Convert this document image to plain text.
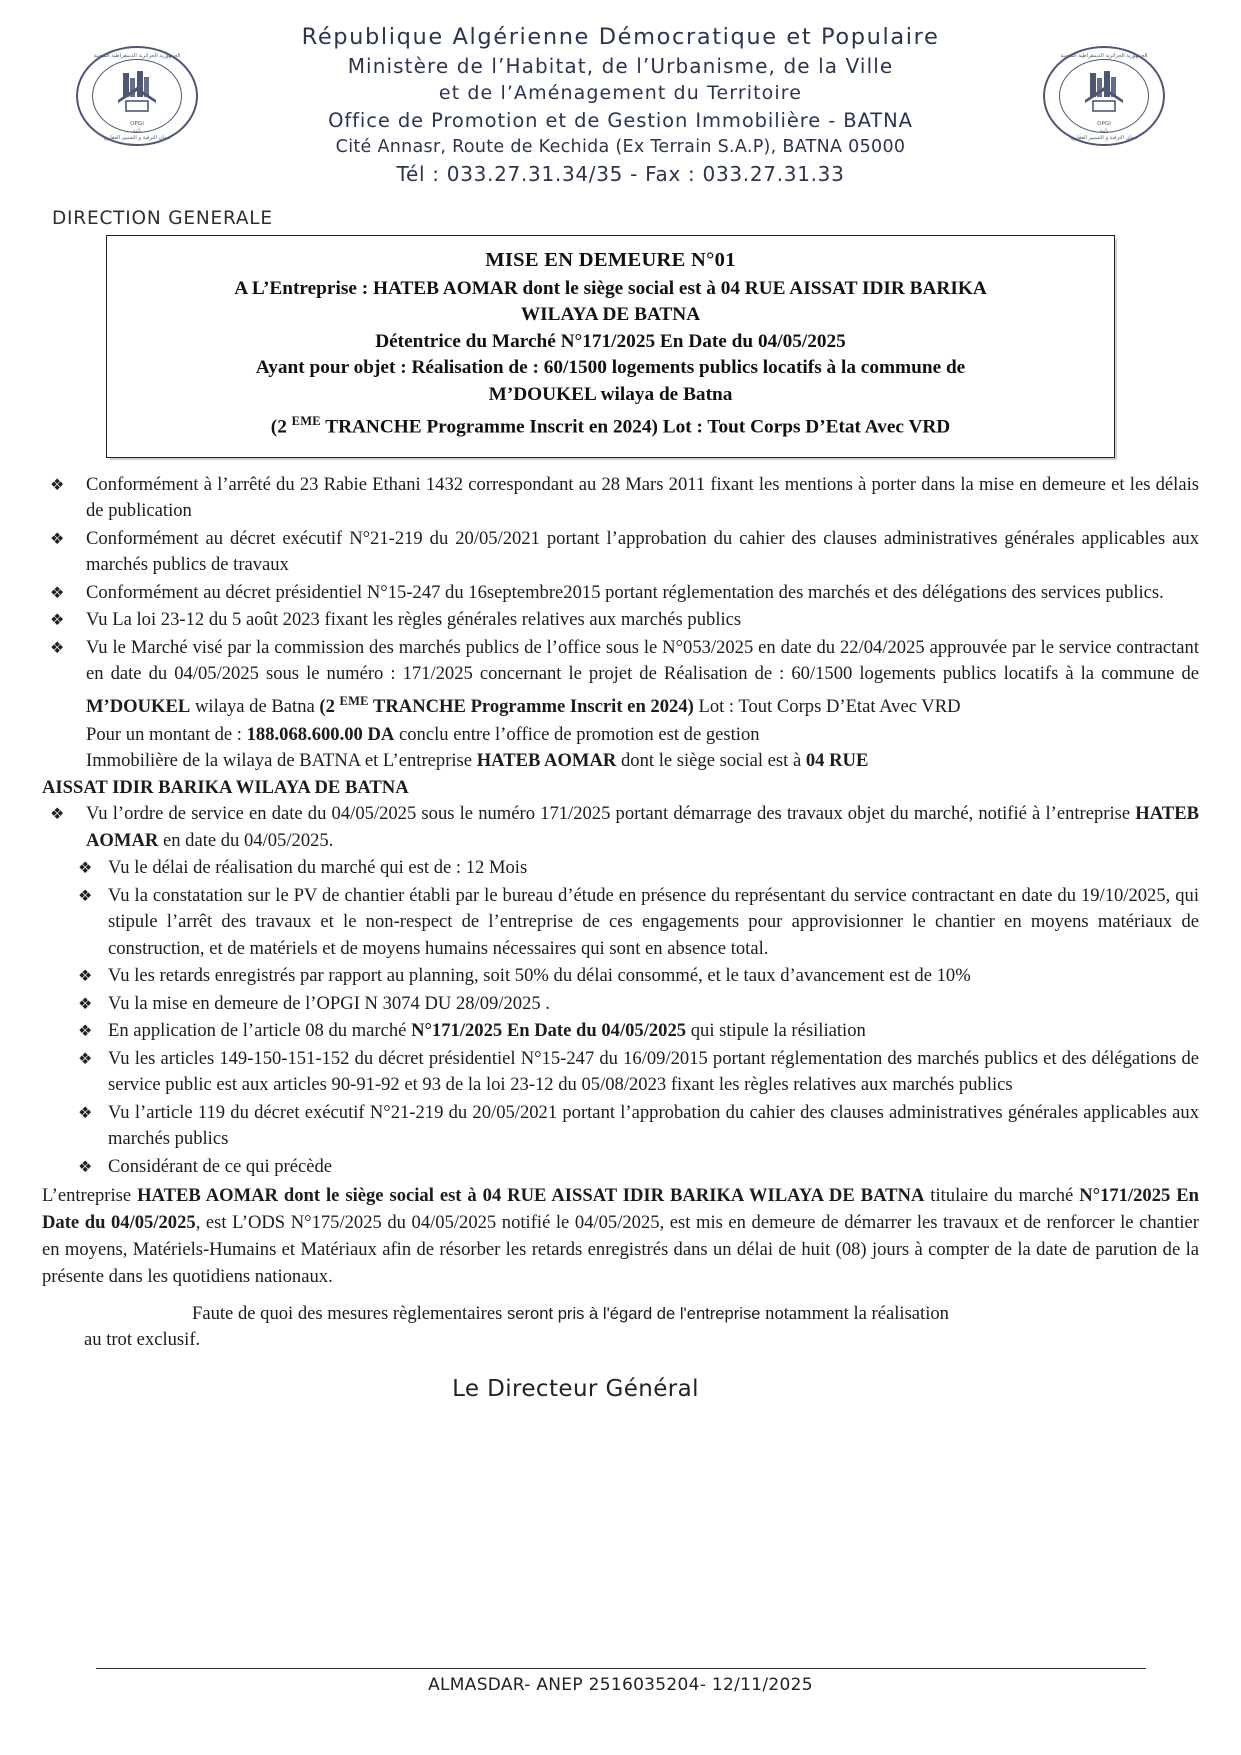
الجمهورية الجزائرية الديمقراطية الشعبية
OPGI
باتنة
ديوان الترقية و التسيير العقاري
الجمهورية الجزائرية الديمقراطية الشعبية
OPGI
باتنة
ديوان الترقية و التسيير العقاري
République Algérienne Démocratique et Populaire
Ministère de l’Habitat, de l’Urbanisme, de la Ville
et de l’Aménagement du Territoire
Office de Promotion et de Gestion Immobilière - BATNA
Cité Annasr, Route de Kechida (Ex Terrain S.A.P), BATNA 05000
Tél : 033.27.31.34/35 - Fax : 033.27.31.33
DIRECTION GENERALE
MISE EN DEMEURE N°01
A L’Entreprise : HATEB AOMAR dont le siège social est à 04 RUE AISSAT IDIR BARIKA
WILAYA DE BATNA
Détentrice du Marché N°171/2025 En Date du 04/05/2025
Ayant pour objet : Réalisation de : 60/1500 logements publics locatifs à la commune de
M’DOUKEL wilaya de Batna
(2 $^{EME}$ TRANCHE Programme Inscrit en 2024) Lot : Tout Corps D’Etat Avec VRD
❖ Conformément à l’arrêté du 23 Rabie Ethani 1432 correspondant au 28 Mars 2011 fixant les mentions à porter dans la mise en demeure et les délais de publication
❖ Conformément au décret exécutif N°21-219 du 20/05/2021 portant l’approbation du cahier des clauses administratives générales applicables aux marchés publics de travaux
❖ Conformément au décret présidentiel N°15-247 du 16septembre2015 portant réglementation des marchés et des délégations des services publics.
❖ Vu La loi 23-12 du 5 août 2023 fixant les règles générales relatives aux marchés publics
❖ Vu le Marché visé par la commission des marchés publics de l’office sous le N°053/2025 en date du 22/04/2025 approuvée par le service contractant en date du 04/05/2025 sous le numéro : 171/2025 concernant le projet de Réalisation de : 60/1500 logements publics locatifs à la commune de M’DOUKEL wilaya de Batna (2 $^{EME}$ TRANCHE Programme Inscrit en 2024) Lot : Tout Corps D’Etat Avec VRD
Pour un montant de : 188.068.600.00 DA conclu entre l’office de promotion est de gestion
Immobilière de la wilaya de BATNA et L’entreprise HATEB AOMAR dont le siège social est à 04 RUE
AISSAT IDIR BARIKA WILAYA DE BATNA
❖ Vu l’ordre de service en date du 04/05/2025 sous le numéro 171/2025 portant démarrage des travaux objet du marché, notifié à l’entreprise HATEB AOMAR en date du 04/05/2025.
❖ Vu le délai de réalisation du marché qui est de : 12 Mois
❖ Vu la constatation sur le PV de chantier établi par le bureau d’étude en présence du représentant du service contractant en date du 19/10/2025, qui stipule l’arrêt des travaux et le non-respect de l’entreprise de ces engagements pour approvisionner le chantier en moyens matériaux de construction, et de matériels et de moyens humains nécessaires qui sont en absence total.
❖ Vu les retards enregistrés par rapport au planning, soit 50% du délai consommé, et le taux d’avancement est de 10%
❖ Vu la mise en demeure de l’OPGI N 3074 DU 28/09/2025 .
❖ En application de l’article 08 du marché N°171/2025 En Date du 04/05/2025 qui stipule la résiliation
❖ Vu les articles 149-150-151-152 du décret présidentiel N°15-247 du 16/09/2015 portant réglementation des marchés publics et des délégations de service public est aux articles 90-91-92 et 93 de la loi 23-12 du 05/08/2023 fixant les règles relatives aux marchés publics
❖ Vu l’article 119 du décret exécutif N°21-219 du 20/05/2021 portant l’approbation du cahier des clauses administratives générales applicables aux marchés publics
❖ Considérant de ce qui précède
L’entreprise HATEB AOMAR dont le siège social est à 04 RUE AISSAT IDIR BARIKA WILAYA DE BATNA titulaire du marché N°171/2025 En Date du 04/05/2025, est L’ODS N°175/2025 du 04/05/2025 notifié le 04/05/2025, est mis en demeure de démarrer les travaux et de renforcer le chantier en moyens, Matériels-Humains et Matériaux afin de résorber les retards enregistrés dans un délai de huit (08) jours à compter de la date de parution de la présente dans les quotidiens nationaux.
Faute de quoi des mesures règlementaires seront pris à l'égard de l'entreprise notamment la réalisation
au trot exclusif.
Le Directeur Général
ALMASDAR- ANEP 2516035204- 12/11/2025
